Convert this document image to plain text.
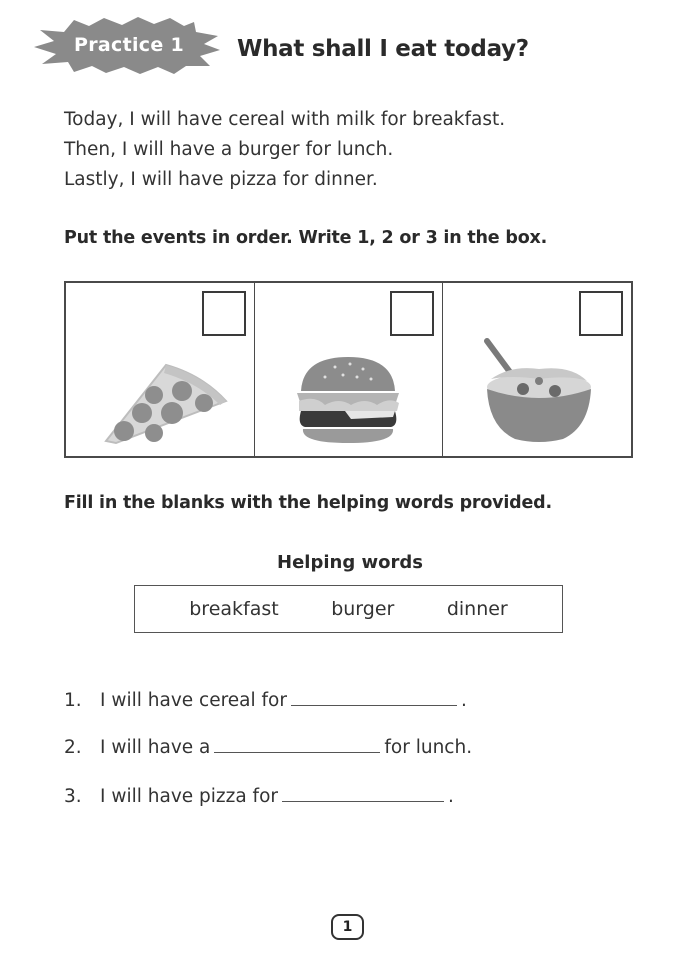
Practice 1	What shall I eat today?
Today, I will have cereal with milk for breakfast.
Then, I will have a burger for lunch.
Lastly, I will have pizza for dinner.
Put the events in order. Write 1, 2 or 3 in the box.
Fill in the blanks with the helping words provided.
Helping words
breakfast	burger	dinner
1. I will have cereal for	.
2. I will have a	for lunch.
3. I will have pizza for	.
1
